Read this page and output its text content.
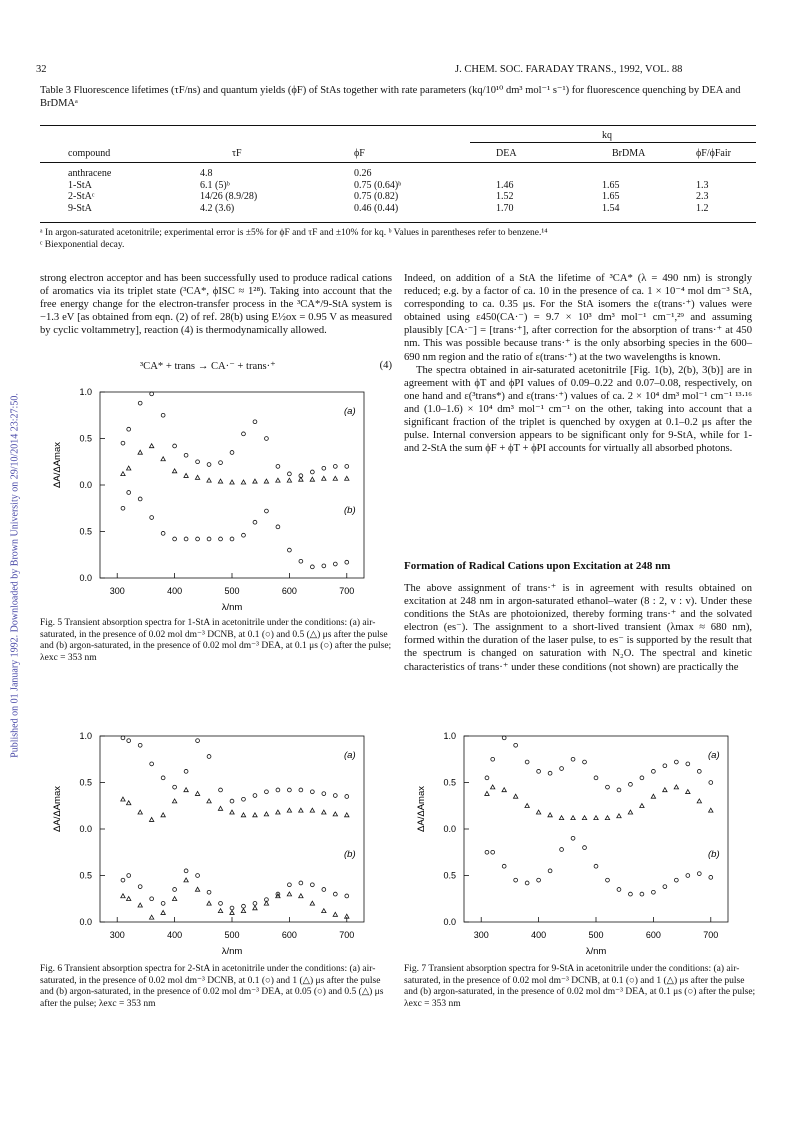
32	J. CHEM. SOC. FARADAY TRANS., 1992, VOL. 88
Published on 01 January 1992. Downloaded by Brown University on 29/10/2014 23:27:50.
Table 3 Fluorescence lifetimes (τF/ns) and quantum yields (ϕF) of StAs together with rate parameters (kq/10¹⁰ dm³ mol⁻¹ s⁻¹) for fluorescence quenching by DEA and BrDMAᵃ
kq
compound	τF	ϕF	DEA	BrDMA	ϕF/ϕFair
anthracene	4.8	0.26
1-StA	6.1 (5)ᵇ	0.75 (0.64)ᵇ	1.46	1.65	1.3
2-StAᶜ	14/26 (8.9/28)	0.75 (0.82)	1.52	1.65	2.3
9-StA	4.2 (3.6)	0.46 (0.44)	1.70	1.54	1.2
ᵃ In argon-saturated acetonitrile; experimental error is ±5% for ϕF and τF and ±10% for kq. ᵇ Values in parentheses refer to benzene.¹⁴
ᶜ Biexponential decay.

strong electron acceptor and has been successfully used to produce radical cations of aromatics via its triplet state (³CA*, ϕISC ≈ 1²⁸). Taking into account that the free energy change for the electron-transfer process in the ³CA*/9-StA system is −1.3 eV [as obtained from eqn. (2) of ref. 28(b) using E½ox = 0.95 V as measured by cyclic voltammetry], reaction (4) is thermodynamically allowed.

³CA* + trans → CA·⁻ + trans·⁺	(4)

Indeed, on addition of a StA the lifetime of ³CA* (λ = 490 nm) is strongly reduced; e.g. by a factor of ca. 10 in the presence of ca. 1 × 10⁻⁴ mol dm⁻³ StA, corresponding to ca. 0.35 μs. For the StA isomers the ε(trans·⁺) values were obtained using ε450(CA·⁻) = 9.7 × 10³ dm³ mol⁻¹ cm⁻¹,²⁹ and assuming plausibly [CA·⁻] = [trans·⁺], after correction for the absorption of trans·⁺ at 450 nm. This was possible because trans·⁺ is the only absorbing species in the 600–690 nm region and the ratio of ε(trans·⁺) at the two wavelengths is known.

The spectra obtained in air-saturated acetonitrile [Fig. 1(b), 2(b), 3(b)] are in agreement with ϕT and ϕPI values of 0.09–0.22 and 0.07–0.08, respectively, on one hand and ε(³trans*) and ε(trans·⁺) values of ca. 2 × 10⁴ dm³ mol⁻¹ cm⁻¹ ¹³·¹⁶ and (1.0–1.6) × 10⁴ dm³ mol⁻¹ cm⁻¹ on the other, taking into account that a significant fraction of the triplet is quenched by oxygen at 0.1–0.2 μs after the pulse. Internal conversion appears to be significant only for 9-StA, while for 1- and 2-StA the sum ϕF + ϕT + ϕPI accounts for virtually all absorbed photons.

Formation of Radical Cations upon Excitation at 248 nm
The above assignment of trans·⁺ is in agreement with results obtained on excitation at 248 nm in argon-saturated ethanol–water (8 : 2, v : v). Under these conditions the StAs are photoionized, thereby forming trans·⁺ and the solvated electron (es⁻). The assignment to a short-lived transient (λmax ≈ 680 nm), formed within the duration of the laser pulse, to es⁻ is supported by the result that the spectrum is changed on saturation with N₂O. The spectral and kinetic characteristics of trans·⁺ under these conditions (not shown) are practically the
1.0
0.5
0.0
0.5
0.0
300	400	500	600	700
λ/nm
ΔA/ΔAmax
(a)
(b)
Fig. 5 Transient absorption spectra for 1-StA in acetonitrile under the conditions: (a) air-saturated, in the presence of 0.02 mol dm⁻³ DCNB, at 0.1 (○) and 0.5 (△) μs after the pulse and (b) argon-saturated, in the presence of 0.02 mol dm⁻³ DEA, at 0.1 μs (○) after the pulse; λexc = 353 nm
1.0
0.5
0.0
0.5
0.0
300	400	500	600	700
λ/nm
ΔA/ΔAmax
(a)
(b)
Fig. 6 Transient absorption spectra for 2-StA in acetonitrile under the conditions: (a) air-saturated, in the presence of 0.02 mol dm⁻³ DCNB, at 0.1 (○) and 1 (△) μs after the pulse and (b) argon-saturated, in the presence of 0.02 mol dm⁻³ DEA, at 0.05 (○) and 0.5 (△) μs after the pulse; λexc = 353 nm
1.0
0.5
0.0
0.5
0.0
300	400	500	600	700
λ/nm
ΔA/ΔAmax
(a)
(b)
Fig. 7 Transient absorption spectra for 9-StA in acetonitrile under the conditions: (a) air-saturated, in the presence of 0.02 mol dm⁻³ DCNB, at 0.1 (○) and 1 (△) μs after the pulse and (b) argon-saturated, in the presence of 0.02 mol dm⁻³ DEA, at 0.1 μs (○) after the pulse; λexc = 353 nm
